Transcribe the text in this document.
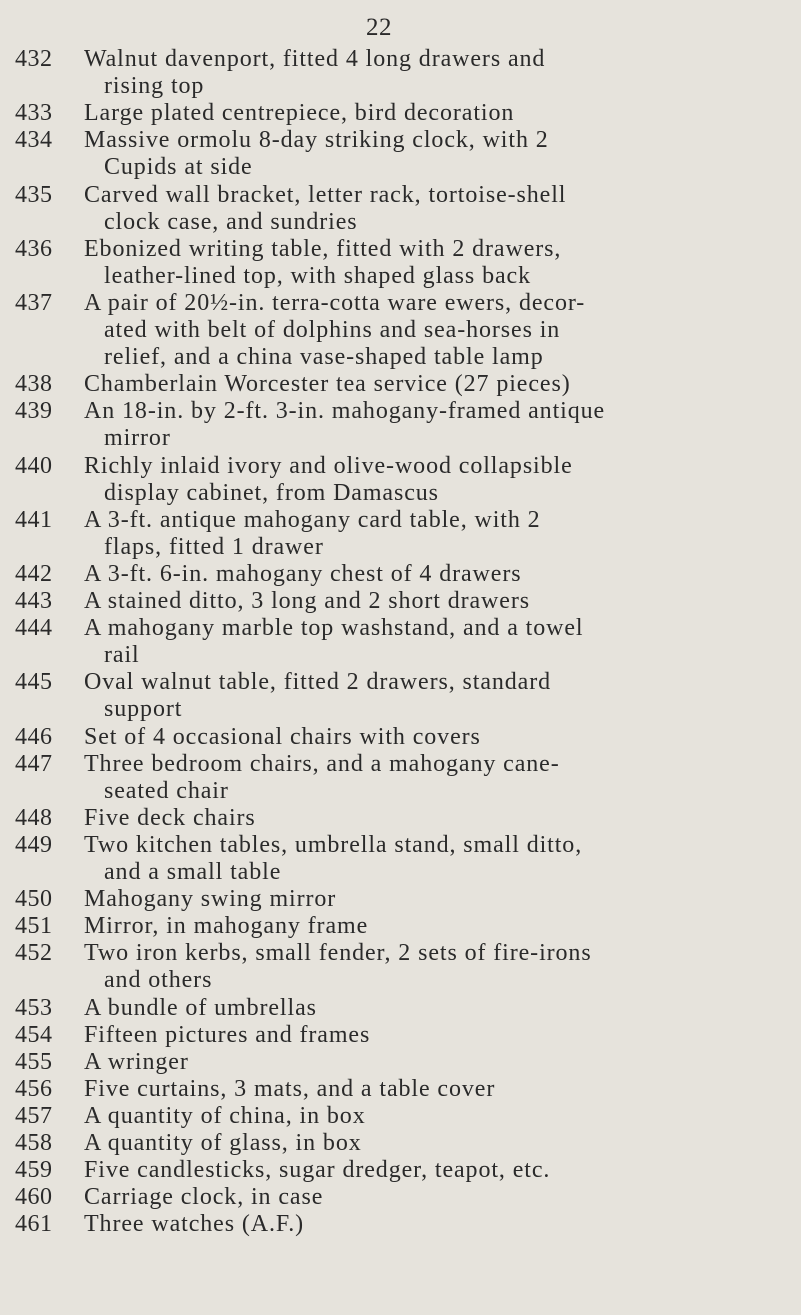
22
432	Walnut davenport, fitted 4 long drawers and
rising top
433	Large plated centrepiece, bird decoration
434	Massive ormolu 8-day striking clock, with 2
Cupids at side
435	Carved wall bracket, letter rack, tortoise-shell
clock case, and sundries
436	Ebonized writing table, fitted with 2 drawers,
leather-lined top, with shaped glass back
437	A pair of 20½-in. terra-cotta ware ewers, decor-
ated with belt of dolphins and sea-horses in
relief, and a china vase-shaped table lamp
438	Chamberlain Worcester tea service (27 pieces)
439	An 18-in. by 2-ft. 3-in. mahogany-framed antique
mirror
440	Richly inlaid ivory and olive-wood collapsible
display cabinet, from Damascus
441	A 3-ft. antique mahogany card table, with 2
flaps, fitted 1 drawer
442	A 3-ft. 6-in. mahogany chest of 4 drawers
443	A stained ditto, 3 long and 2 short drawers
444	A mahogany marble top washstand, and a towel
rail
445	Oval walnut table, fitted 2 drawers, standard
support
446	Set of 4 occasional chairs with covers
447	Three bedroom chairs, and a mahogany cane-
seated chair
448	Five deck chairs
449	Two kitchen tables, umbrella stand, small ditto,
and a small table
450	Mahogany swing mirror
451	Mirror, in mahogany frame
452	Two iron kerbs, small fender, 2 sets of fire-irons
and others
453	A bundle of umbrellas
454	Fifteen pictures and frames
455	A wringer
456	Five curtains, 3 mats, and a table cover
457	A quantity of china, in box
458	A quantity of glass, in box
459	Five candlesticks, sugar dredger, teapot, etc.
460	Carriage clock, in case
461	Three watches (A.F.)
